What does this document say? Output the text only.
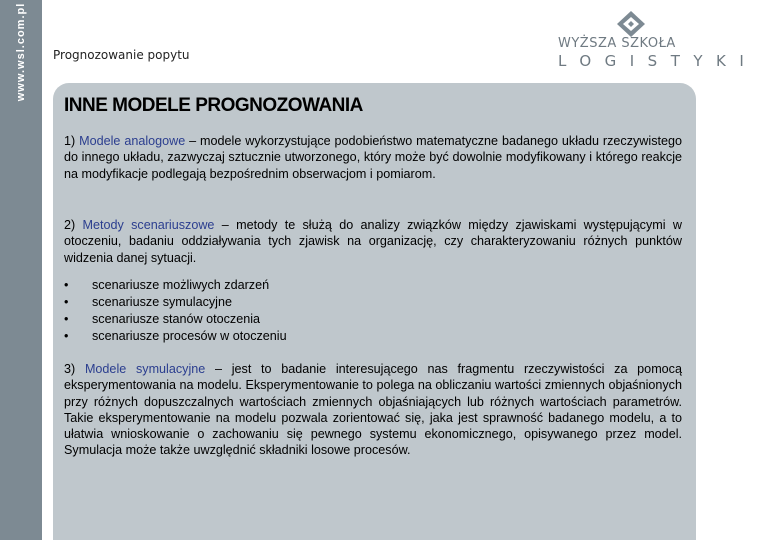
www.wsl.com.pl Prognozowanie popytu
WYŻSZA SZKOŁA
LOGISTYKI
INNE MODELE PROGNOZOWANIA

1) Modele analogowe – modele wykorzystujące podobieństwo matematyczne badanego układu rzeczywistego do innego układu, zazwyczaj sztucznie utworzonego, który może być dowolnie modyfikowany i którego reakcje na modyfikacje podlegają bezpośrednim obserwacjom i pomiarom.

2) Metody scenariuszowe – metody te służą do analizy związków między zjawiskami występującymi w otoczeniu, badaniu oddziaływania tych zjawisk na organizację, czy charakteryzowaniu różnych punktów widzenia danej sytuacji.

• scenariusze możliwych zdarzeń
• scenariusze symulacyjne
• scenariusze stanów otoczenia
• scenariusze procesów w otoczeniu

3) Modele symulacyjne – jest to badanie interesującego nas fragmentu rzeczywistości za pomocą eksperymentowania na modelu. Eksperymentowanie to polega na obliczaniu wartości zmiennych objaśnionych przy różnych dopuszczalnych wartościach zmiennych objaśniających lub różnych wartościach parametrów. Takie eksperymentowanie na modelu pozwala zorientować się, jaka jest sprawność badanego modelu, a to ułatwia wnioskowanie o zachowaniu się pewnego systemu ekonomicznego, opisywanego przez model. Symulacja może także uwzględnić składniki losowe procesów.
